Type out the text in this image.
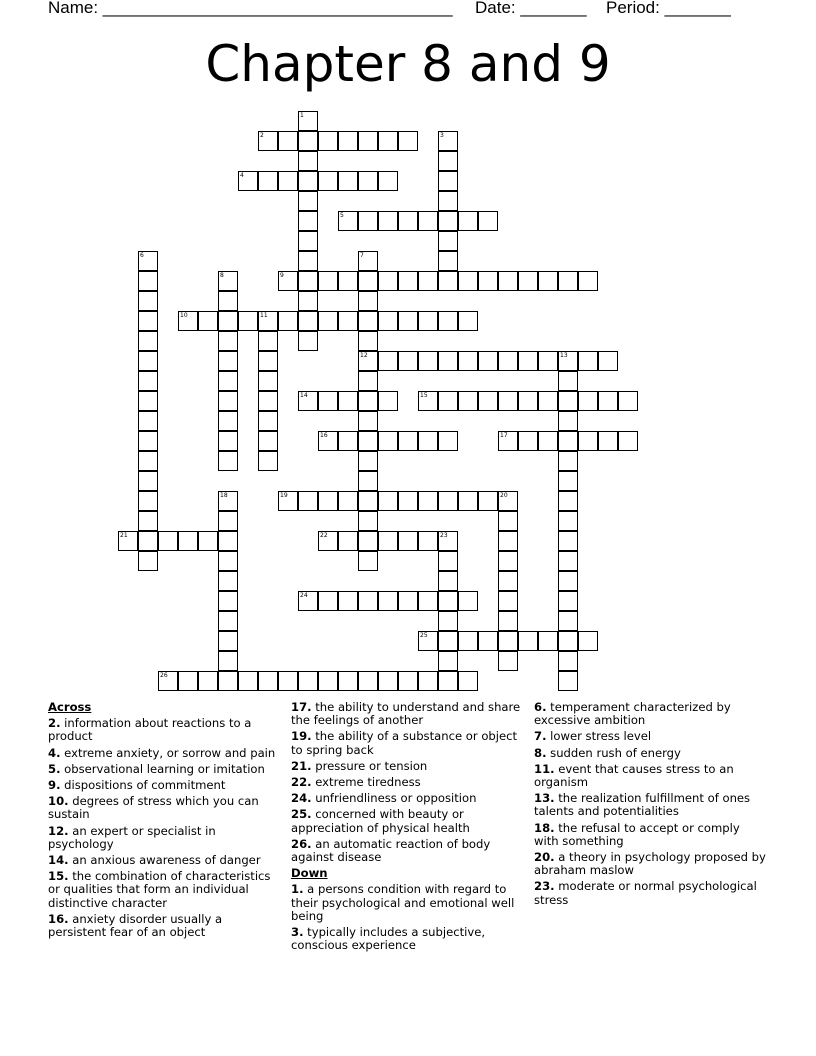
Name: _____________________________________ Date: _______ Period: _______
Chapter 8 and 9
1
2	3
4
5
6	7
8	9
10	11
12	13
14	15
16	17
18	19	20
21	22	23
24
25
26

Across

2. information about reactions to a product

4. extreme anxiety, or sorrow and pain

5. observational learning or imitation

9. dispositions of commitment

10. degrees of stress which you can sustain

12. an expert or specialist in psychology

14. an anxious awareness of danger

15. the combination of characteristics or qualities that form an individual distinctive character

16. anxiety disorder usually a persistent fear of an object

17. the ability to understand and share the feelings of another

19. the ability of a substance or object to spring back

21. pressure or tension

22. extreme tiredness

24. unfriendliness or opposition

25. concerned with beauty or appreciation of physical health

26. an automatic reaction of body against disease

Down

1. a persons condition with regard to their psychological and emotional well being

3. typically includes a subjective, conscious experience

6. temperament characterized by excessive ambition

7. lower stress level

8. sudden rush of energy

11. event that causes stress to an organism

13. the realization fulfillment of ones talents and potentialities

18. the refusal to accept or comply with something

20. a theory in psychology proposed by abraham maslow

23. moderate or normal psychological stress
